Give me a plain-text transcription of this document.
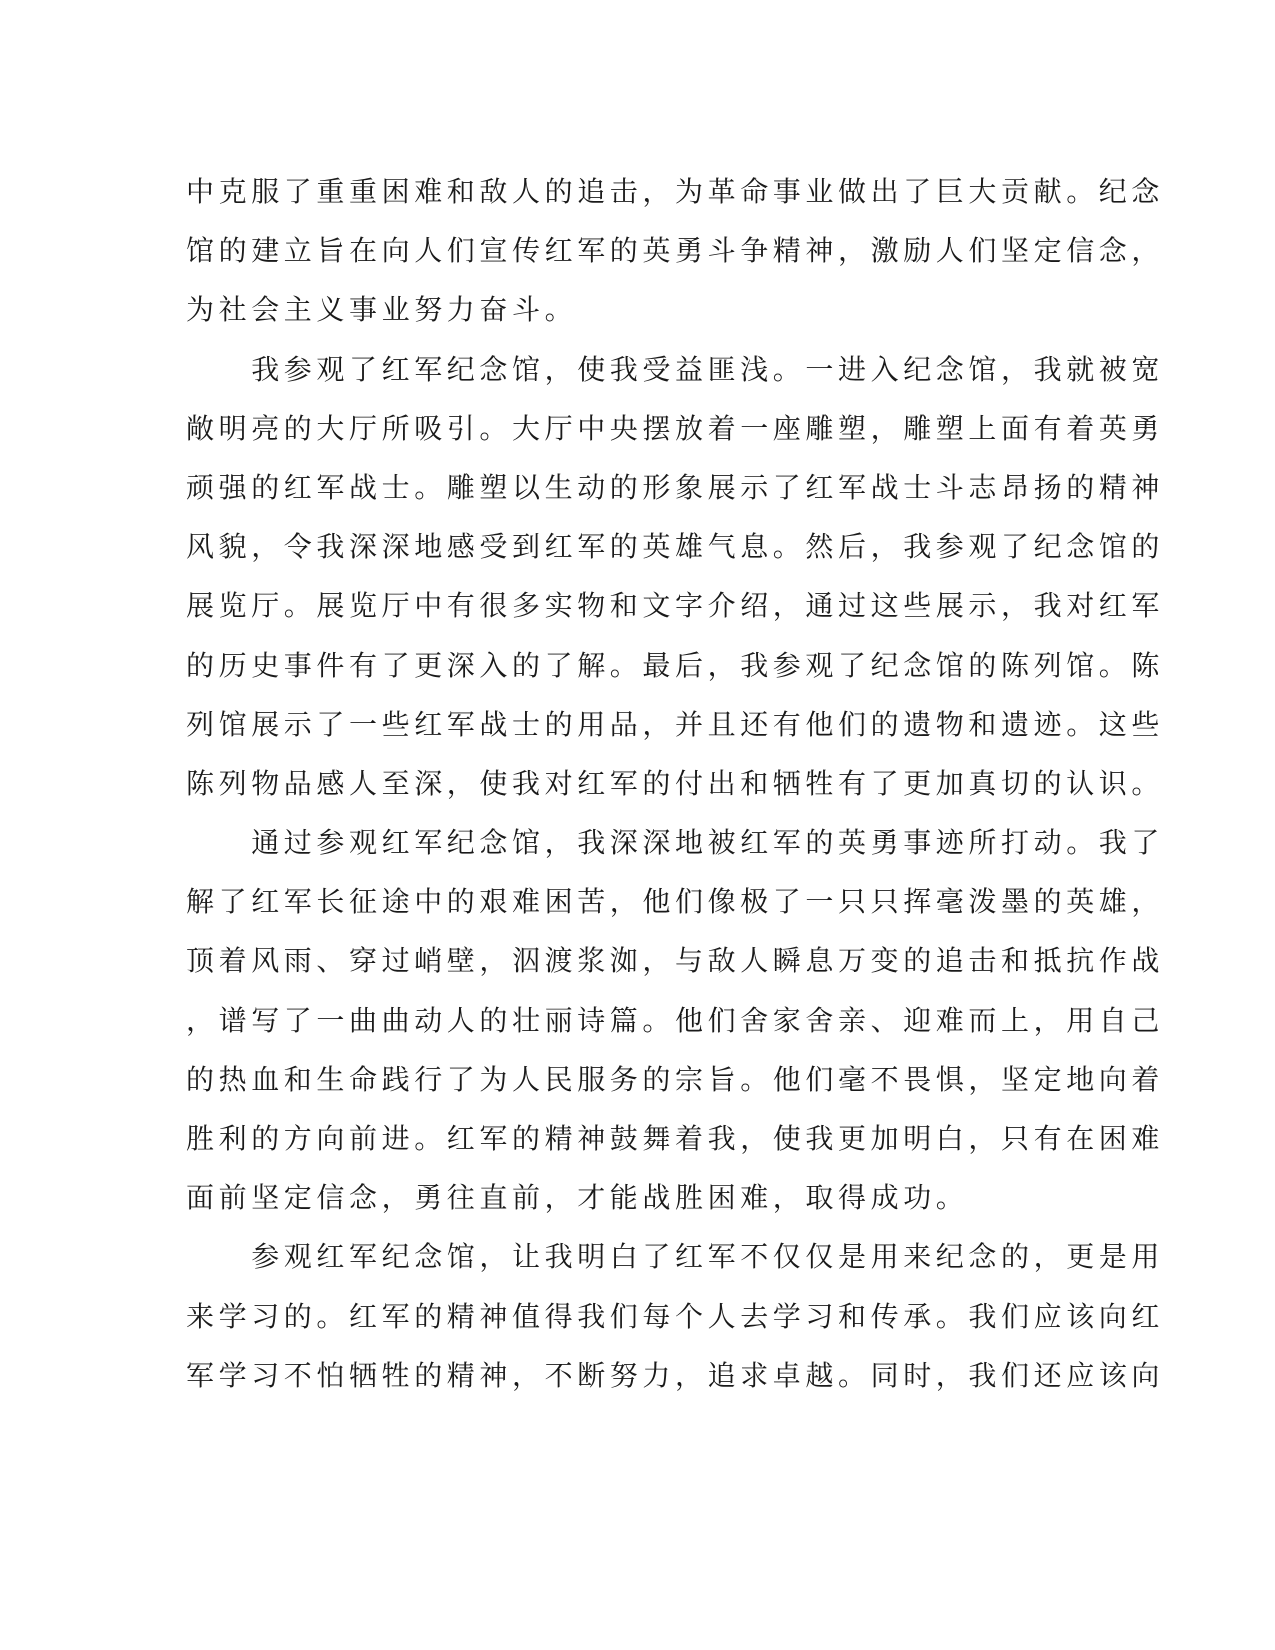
中克服了重重困难和敌人的追击，为革命事业做出了巨大贡献。纪念
馆的建立旨在向人们宣传红军的英勇斗争精神，激励人们坚定信念，
为社会主义事业努力奋斗。
　　我参观了红军纪念馆，使我受益匪浅。一进入纪念馆，我就被宽
敞明亮的大厅所吸引。大厅中央摆放着一座雕塑，雕塑上面有着英勇
顽强的红军战士。雕塑以生动的形象展示了红军战士斗志昂扬的精神
风貌，令我深深地感受到红军的英雄气息。然后，我参观了纪念馆的
展览厅。展览厅中有很多实物和文字介绍，通过这些展示，我对红军
的历史事件有了更深入的了解。最后，我参观了纪念馆的陈列馆。陈
列馆展示了一些红军战士的用品，并且还有他们的遗物和遗迹。这些
陈列物品感人至深，使我对红军的付出和牺牲有了更加真切的认识。
　　通过参观红军纪念馆，我深深地被红军的英勇事迹所打动。我了
解了红军长征途中的艰难困苦，他们像极了一只只挥毫泼墨的英雄，
顶着风雨、穿过峭壁，泅渡浆洳，与敌人瞬息万变的追击和抵抗作战
，谱写了一曲曲动人的壮丽诗篇。他们舍家舍亲、迎难而上，用自己
的热血和生命践行了为人民服务的宗旨。他们毫不畏惧，坚定地向着
胜利的方向前进。红军的精神鼓舞着我，使我更加明白，只有在困难
面前坚定信念，勇往直前，才能战胜困难，取得成功。
　　参观红军纪念馆，让我明白了红军不仅仅是用来纪念的，更是用
来学习的。红军的精神值得我们每个人去学习和传承。我们应该向红
军学习不怕牺牲的精神，不断努力，追求卓越。同时，我们还应该向
